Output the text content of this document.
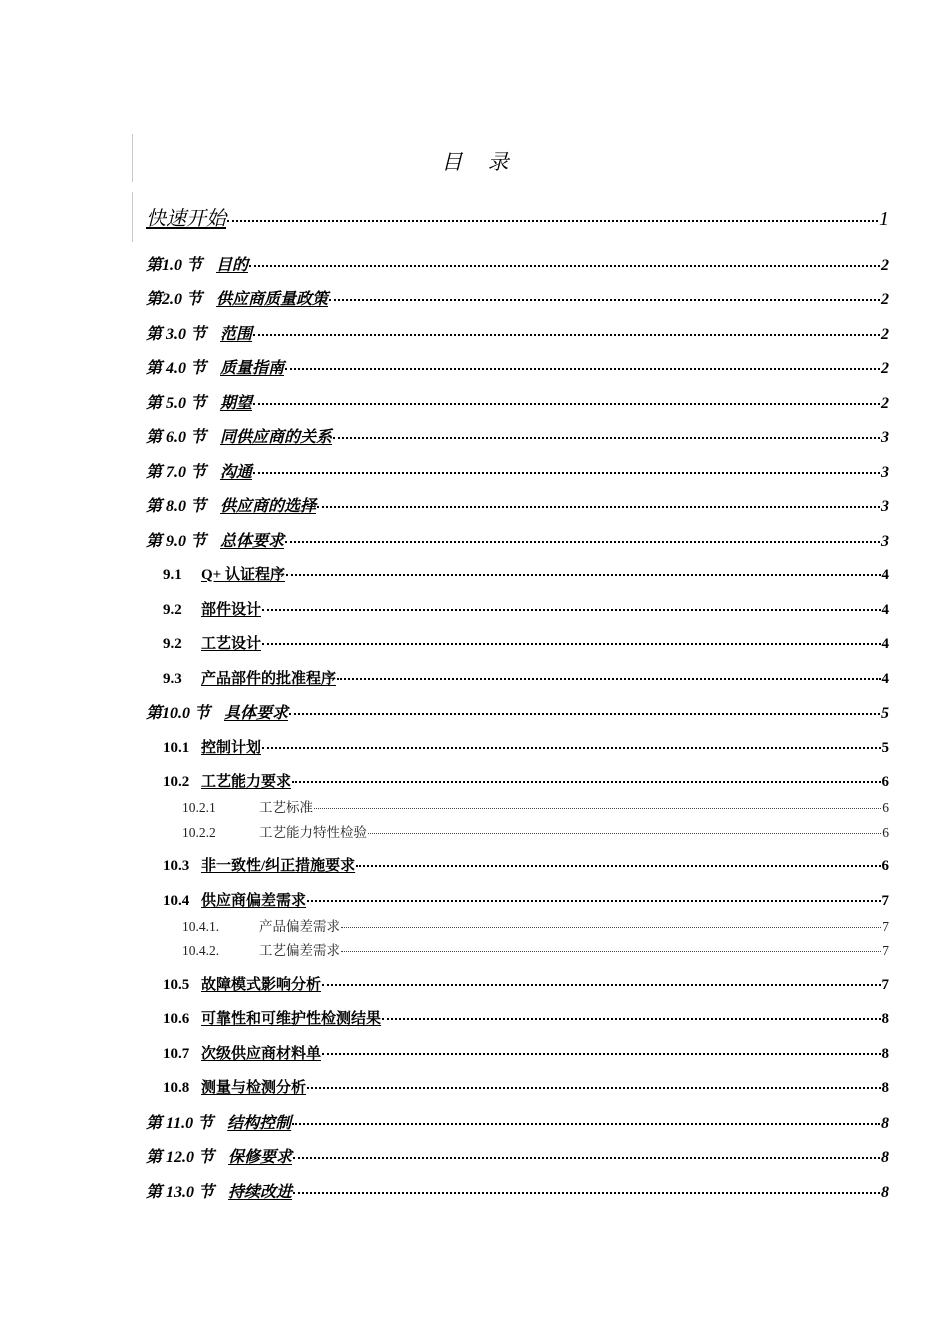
目 录
快速开始	1
第1.0 节 目的	2
第2.0 节 供应商质量政策	2
第 3.0 节 范围	2
第 4.0 节 质量指南	2
第 5.0 节 期望	2
第 6.0 节 同供应商的关系	3
第 7.0 节 沟通	3
第 8.0 节 供应商的选择	3
第 9.0 节 总体要求	3
9.1	Q+ 认证程序	4
9.2	部件设计	4
9.2	工艺设计	4
9.3	产品部件的批准程序	4
第10.0 节 具体要求	5
10.1 控制计划	5
10.2 工艺能力要求	6
10.2.1	工艺标准	6
10.2.2	工艺能力特性检验	6
10.3 非一致性/纠正措施要求	6
10.4 供应商偏差需求	7
10.4.1.	产品偏差需求	7
10.4.2.	工艺偏差需求	7
10.5 故障模式影响分析	7
10.6 可靠性和可维护性检测结果	8
10.7 次级供应商材料单	8
10.8 测量与检测分析	8
第 11.0 节 结构控制	8
第 12.0 节 保修要求	8
第 13.0 节 持续改进	8
